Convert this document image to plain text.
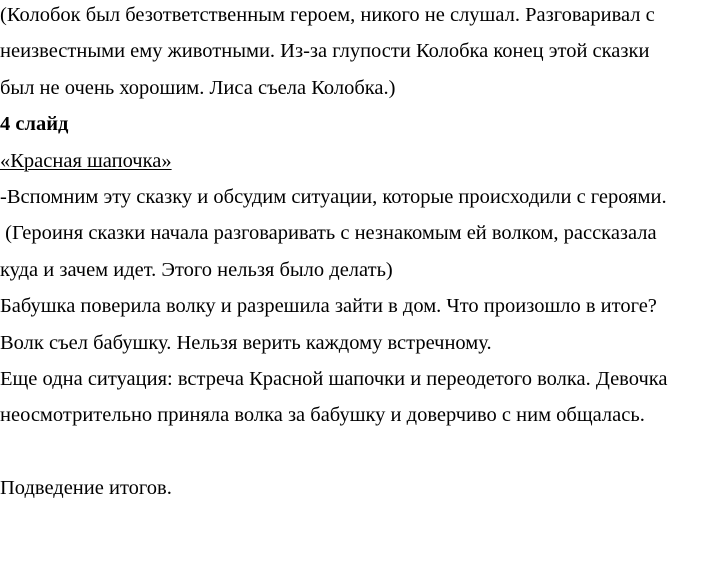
(Колобок был безответственным героем, никого не слушал. Разговаривал с
неизвестными ему животными. Из-за глупости Колобка конец этой сказки
был не очень хорошим. Лиса съела Колобка.)
4 слайд
«Красная шапочка»
-Вспомним эту сказку и обсудим ситуации, которые происходили с героями.
(Героиня сказки начала разговаривать с незнакомым ей волком, рассказала
куда и зачем идет. Этого нельзя было делать)
Бабушка поверила волку и разрешила зайти в дом. Что произошло в итоге?
Волк съел бабушку. Нельзя верить каждому встречному.
Еще одна ситуация: встреча Красной шапочки и переодетого волка. Девочка
неосмотрительно приняла волка за бабушку и доверчиво с ним общалась.
Подведение итогов.
